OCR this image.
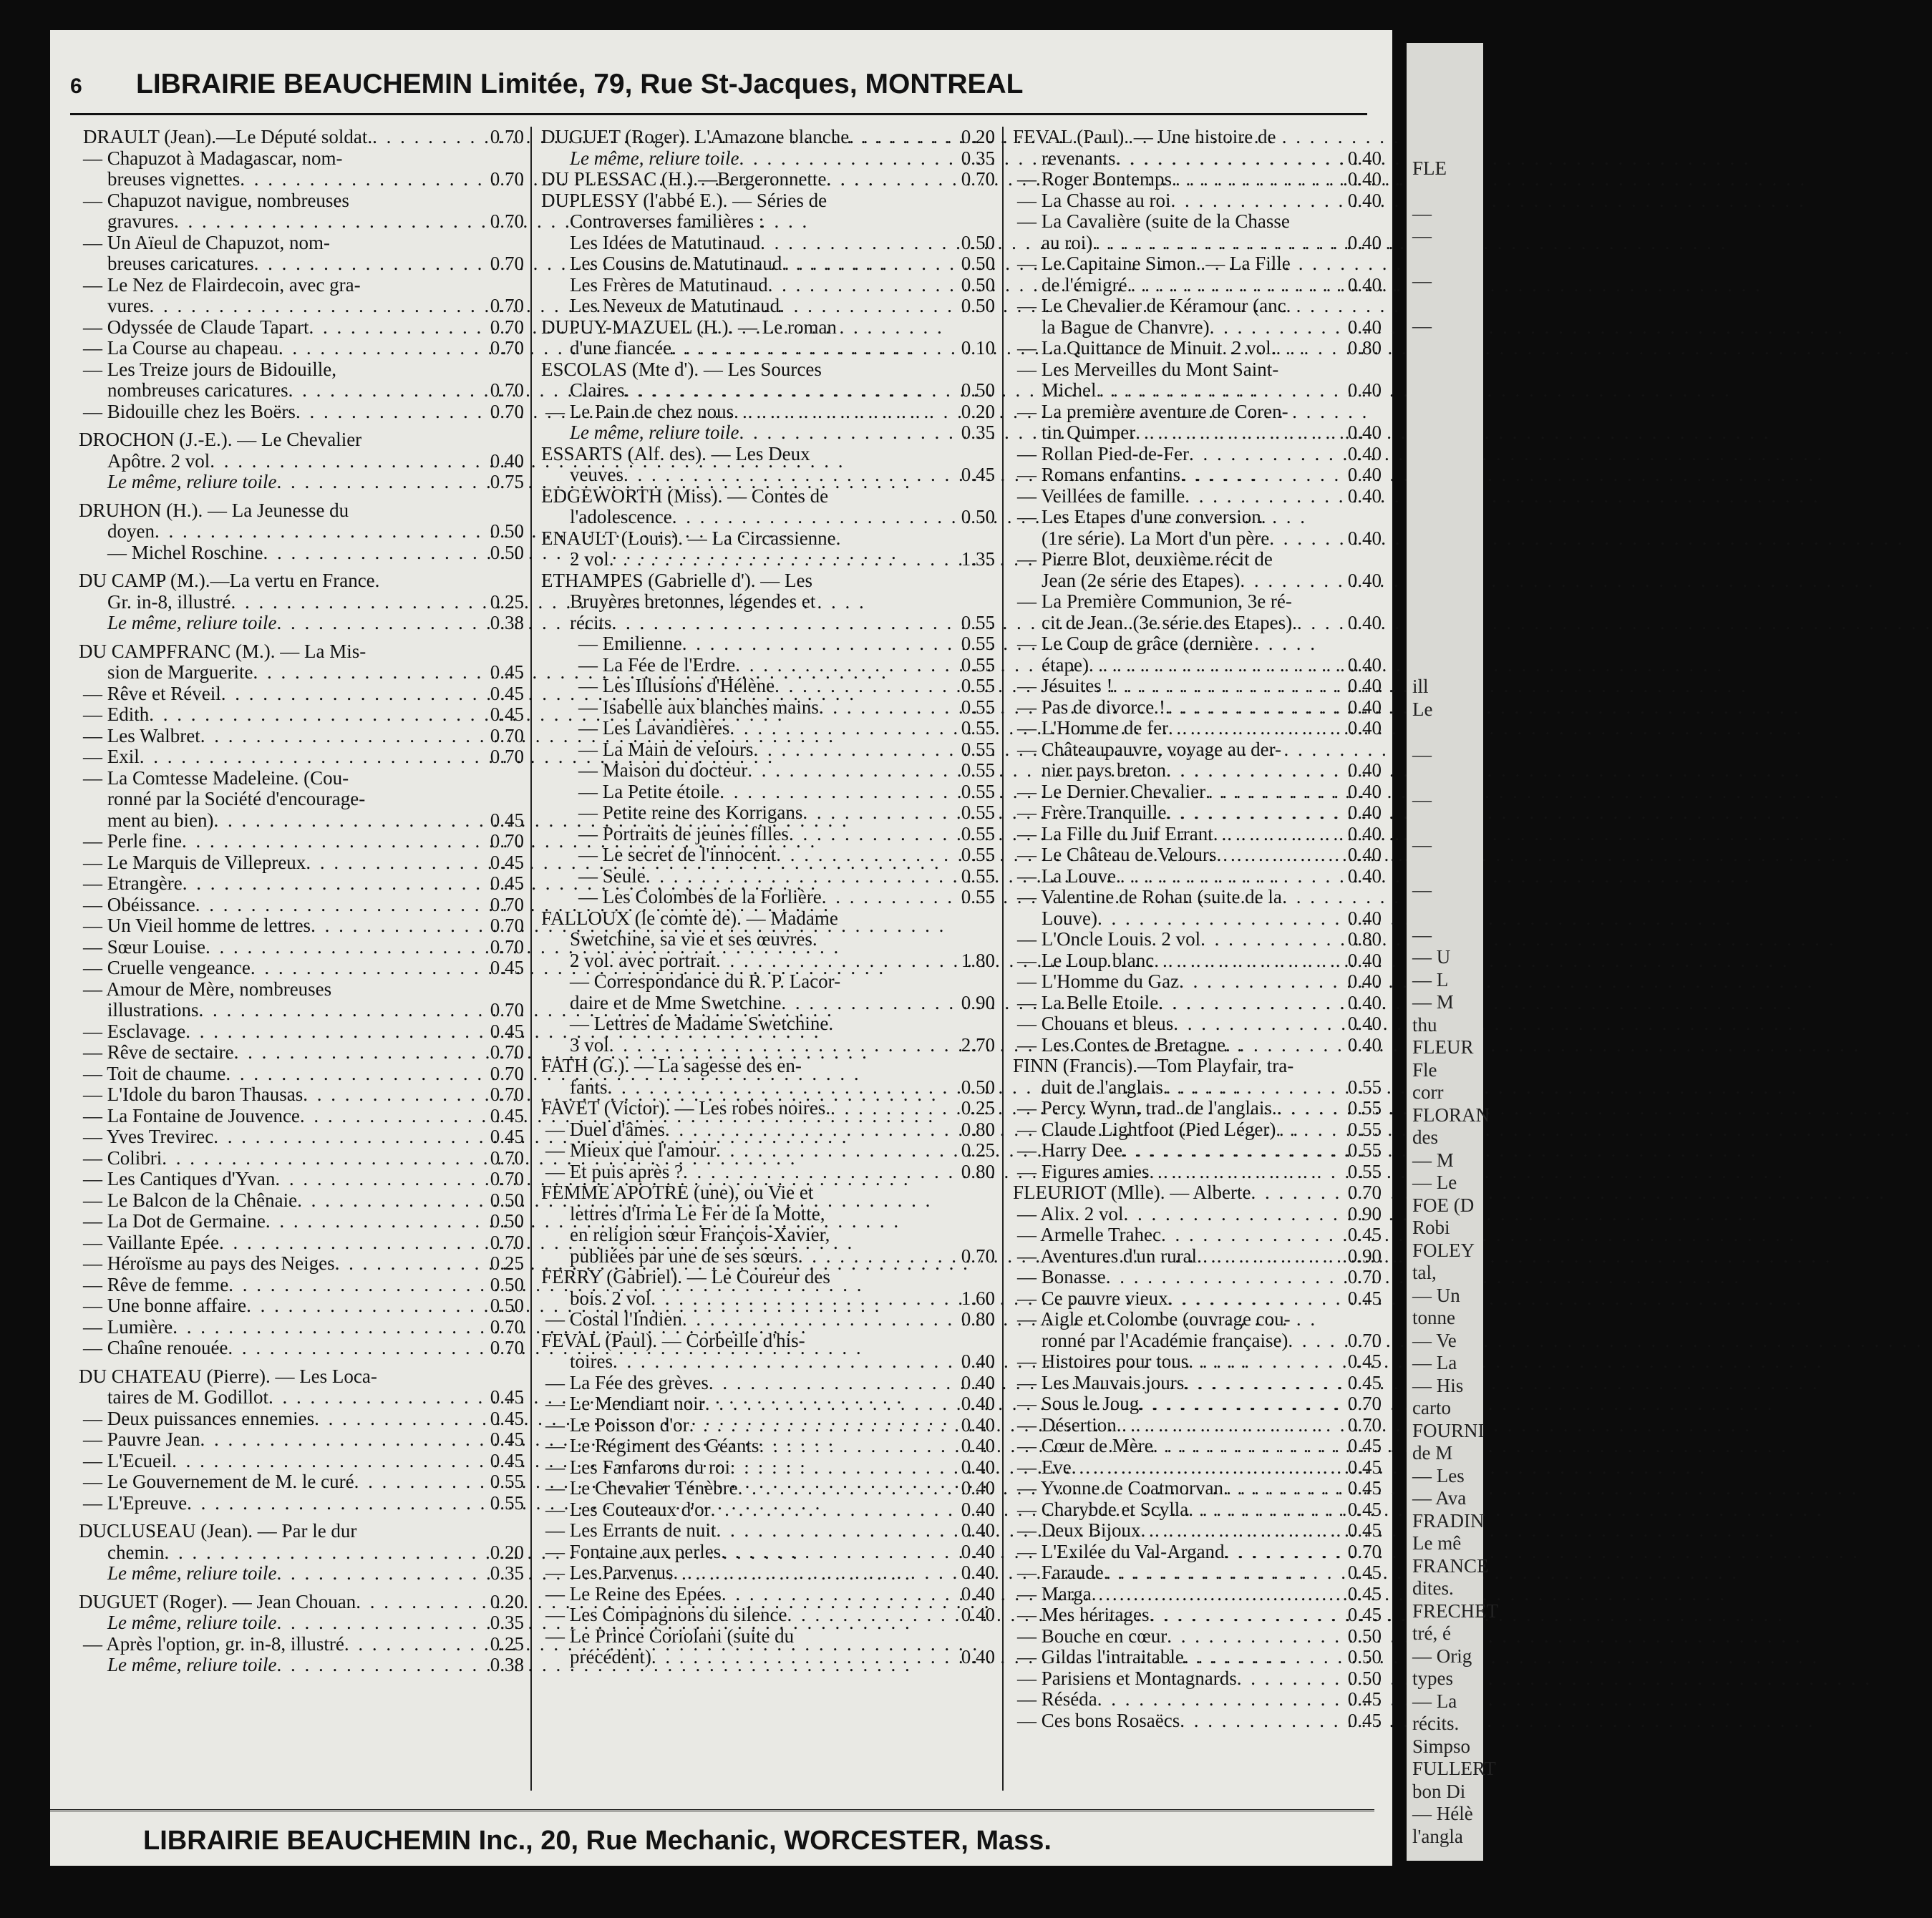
6 LIBRAIRIE BEAUCHEMIN Limitée, 79, Rue St-Jacques, MONTREAL
DRAULT (Jean).—Le Député soldat. . . .	0.70
— Chapuzot à Madagascar, nom-
breuses vignettes . . .	0.70
— Chapuzot navigue, nombreuses
gravures . . .	0.70
— Un Aïeul de Chapuzot, nom-
breuses caricatures . . .	0.70
— Le Nez de Flairdecoin, avec gra-
vures . . .	0.70
— Odyssée de Claude Tapart . . .	0.70
— La Course au chapeau . . .	0.70
— Les Treize jours de Bidouille,
nombreuses caricatures . . .	0.70
— Bidouille chez les Boërs . . .	0.70
DROCHON (J.-E.). — Le Chevalier
Apôtre. 2 vol . . .	0.40
Le même, reliure toile . . .	0.75
DRUHON (H.). — La Jeunesse du
doyen . . .	0.50
— Michel Roschine . . .	0.50
DU CAMP (M.).—La vertu en France.
Gr. in-8, illustré . . .	0.25
Le même, reliure toile . . .	0.38
DU CAMPFRANC (M.). — La Mis-
sion de Marguerite . . .	0.45
— Rêve et Réveil . . .	0.45
— Edith . . .	0.45
— Les Walbret . . .	0.70
— Exil . . .	0.70
— La Comtesse Madeleine. (Cou-
ronné par la Société d'encourage-
ment au bien) . . .	0.45
— Perle fine . . .	0.70
— Le Marquis de Villepreux . . .	0.45
— Etrangère . . .	0.45
— Obéissance . . .	0.70
— Un Vieil homme de lettres . . .	0.70
— Sœur Louise . . .	0.70
— Cruelle vengeance . . .	0.45
— Amour de Mère, nombreuses
illustrations . . .	0.70
— Esclavage . . .	0.45
— Rêve de sectaire . . .	0.70
— Toit de chaume . . .	0.70
— L'Idole du baron Thausas . . .	0.70
— La Fontaine de Jouvence . . .	0.45
— Yves Trevirec . . .	0.45
— Colibri . . .	0.70
— Les Cantiques d'Yvan . . .	0.70
— Le Balcon de la Chênaie . . .	0.50
— La Dot de Germaine . . .	0.50
— Vaillante Epée . . .	0.70
— Héroïsme au pays des Neiges . . .	0.25
— Rêve de femme . . .	0.50
— Une bonne affaire . . .	0.50
— Lumière . . .	0.70
— Chaîne renouée . . .	0.70
DU CHATEAU (Pierre). — Les Loca-
taires de M. Godillot . . .	0.45
— Deux puissances ennemies . . .	0.45
— Pauvre Jean . . .	0.45
— L'Ecueil . . .	0.45
— Le Gouvernement de M. le curé . . .	0.55
— L'Epreuve . . .	0.55
DUCLUSEAU (Jean). — Par le dur
chemin . . .	0.20
Le même, reliure toile . . .	0.35
DUGUET (Roger). — Jean Chouan . . .	0.20
Le même, reliure toile . . .	0.35
— Après l'option, gr. in-8, illustré . . .	0.25
Le même, reliure toile . . .	0.38
DUGUET (Roger). L'Amazone blanche . . .	0.20
Le même, reliure toile . . .	0.35
DU PLESSAC (H.).—Bergeronnette . . .	0.70
DUPLESSY (l'abbé E.). — Séries de
Controverses familières :
Les Idées de Matutinaud . . .	0.50
Les Cousins de Matutinaud . . .	0.50
Les Frères de Matutinaud . . .	0.50
Les Neveux de Matutinaud . . .	0.50
DUPUY-MAZUEL (H.). — Le roman
d'une fiancée . . .	0.10
ESCOLAS (Mte d'). — Les Sources
Claires . . .	0.50
— Le Pain de chez nous . . .	0.20
Le même, reliure toile . . .	0.35
ESSARTS (Alf. des). — Les Deux
veuves . . .	0.45
EDGEWORTH (Miss). — Contes de
l'adolescence . . .	0.50
ENAULT (Louis). — La Circassienne.
2 vol . . .	1.35
ETHAMPES (Gabrielle d'). — Les
Bruyères bretonnes, légendes et
récits . . .	0.55
— Emilienne . . .	0.55
— La Fée de l'Erdre . . .	0.55
— Les Illusions d'Hélène . . .	0.55
— Isabelle aux blanches mains . . .	0.55
— Les Lavandières . . .	0.55
— La Main de velours . . .	0.55
— Maison du docteur . . .	0.55
— La Petite étoile . . .	0.55
— Petite reine des Korrigans . . .	0.55
— Portraits de jeunes filles . . .	0.55
— Le secret de l'innocent . . .	0.55
— Seule . . .	0.55
— Les Colombes de la Forlière . . .	0.55
FALLOUX (le comte de). — Madame
Swetchine, sa vie et ses œuvres.
2 vol. avec portrait . . .	1.80
— Correspondance du R. P. Lacor-
daire et de Mme Swetchine . . .	0.90
— Lettres de Madame Swetchine.
3 vol . . .	2.70
FATH (G.). — La sagesse des en-
fants . . .	0.50
FAVET (Victor). — Les robes noires. . . .	0.25
— Duel d'âmes . . .	0.80
— Mieux que l'amour . . .	0.25
— Et puis après ? . . .	0.80
FEMME APOTRE (une), ou Vie et
lettres d'Irma Le Fer de la Motte,
en religion sœur François-Xavier,
publiées par une de ses sœurs . . .	0.70
FERRY (Gabriel). — Le Coureur des
bois. 2 vol . . .	1.60
— Costal l'Indien . . .	0.80
FEVAL (Paul). — Corbeille d'his-
toires . . .	0.40
— La Fée des grèves . . .	0.40
— Le Mendiant noir . . .	0.40
— Le Poisson d'or . . .	0.40
— Le Régiment des Géants . . .	0.40
— Les Fanfarons du roi . . .	0.40
— Le Chevalier Ténèbre . . .	0.40
— Les Couteaux d'or . . .	0.40
— Les Errants de nuit . . .	0.40
— Fontaine aux perles . . .	0.40
— Les Parvenus . . .	0.40
— Le Reine des Epées . . .	0.40
— Les Compagnons du silence . . .	0.40
— Le Prince Coriolani (suite du
précédent) . . .	0.40
FEVAL (Paul). — Une histoire de
revenants . . .	0.40
— Roger Bontemps . . .	0.40
— La Chasse au roi . . .	0.40
— La Cavalière (suite de la Chasse
au roi) . . .	0.40
— Le Capitaine Simon. — La Fille
de l'émigré . . .	0.40
— Le Chevalier de Kéramour (anc.
la Bague de Chanvre) . . .	0.40
— La Quittance de Minuit. 2 vol. . . .	0.80
— Les Merveilles du Mont Saint-
Michel . . .	0.40
— La première aventure de Coren-
tin Quimper . . .	0.40
— Rollan Pied-de-Fer . . .	0.40
— Romans enfantins . . .	0.40
— Veillées de famille . . .	0.40
— Les Etapes d'une conversion.
(1re série). La Mort d'un père . . .	0.40
— Pierre Blot, deuxième récit de
Jean (2e série des Etapes) . . .	0.40
— La Première Communion, 3e ré-
cit de Jean. (3e série des Etapes). . . .	0.40
— Le Coup de grâce (dernière
étape) . . .	0.40
— Jésuites ! . . .	0.40
— Pas de divorce ! . . .	0.40
— L'Homme de fer . . .	0.40
— Châteaupauvre, voyage au der-
nier pays breton . . .	0.40
— Le Dernier Chevalier . . .	0.40
— Frère Tranquille . . .	0.40
— La Fille du Juif Errant . . .	0.40
— Le Château de Velours . . .	0.40
— La Louve . . .	0.40
— Valentine de Rohan (suite de la
Louve) . . .	0.40
— L'Oncle Louis. 2 vol . . .	0.80
— Le Loup blanc . . .	0.40
— L'Homme du Gaz . . .	0.40
— La Belle Etoile . . .	0.40
— Chouans et bleus . . .	0.40
— Les Contes de Bretagne . . .	0.40
FINN (Francis).—Tom Playfair, tra-
duit de l'anglais . . .	0.55
— Percy Wynn, trad. de l'anglais. . . .	0.55
— Claude Lightfoot (Pied Léger) . . .	0.55
— Harry Dee . . .	0.55
— Figures amies . . .	0.55
FLEURIOT (Mlle). — Alberte . . .	0.70
— Alix. 2 vol . . .	0.90
— Armelle Trahec . . .	0.45
— Aventures d'un rural . . .	0.90
— Bonasse . . .	0.70
— Ce pauvre vieux . . .	0.45
— Aigle et Colombe (ouvrage cou-
ronné par l'Académie française) . . .	0.70
— Histoires pour tous . . .	0.45
— Les Mauvais jours . . .	0.45
— Sous le Joug . . .	0.70
— Désertion . . .	0.70
— Cœur de Mère . . .	0.45
— Eve . . .	0.45
— Yvonne de Coatmorvan . . .	0.45
— Charybde et Scylla . . .	0.45
— Deux Bijoux . . .	0.45
— L'Exilée du Val-Argand . . .	0.70
— Faraude . . .	0.45
— Marga . . .	0.45
— Mes héritages . . .	0.45
— Bouche en cœur . . .	0.50
— Gildas l'intraitable . . .	0.50
— Parisiens et Montagnards . . .	0.50
— Réséda . . .	0.45
— Ces bons Rosaëcs . . .	0.45
LIBRAIRIE BEAUCHEMIN Inc., 20, Rue Mechanic, WORCESTER, Mass.
FLE
—
—
—
—
ill
Le
—
—
—
—
—
— U
— L
— M
thu
FLEUR
Fle
corr
FLORAN
des
— M
— Le
FOE (D
Robi
FOLEY
tal,
— Un
tonne
— Ve
— La
— His
carto
FOURNI
de M
— Les
— Ava
FRADIN
Le mê
FRANCE
dites.
FRECHET
tré, é
— Orig
types
— La
récits.
Simpso
FULLERT
bon Di
— Hélè
l'angla
